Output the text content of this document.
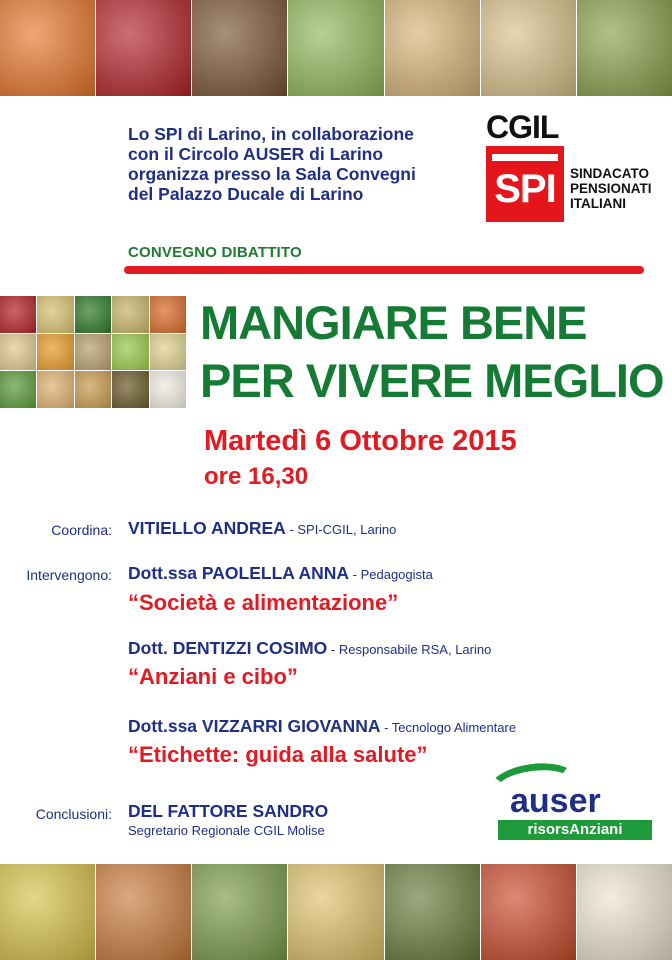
Lo SPI di Larino, in collaborazione
con il Circolo AUSER di Larino
organizza presso la Sala Convegni
del Palazzo Ducale di Larino
CGIL
SPI	SINDACATO
PENSIONATI
ITALIANI
CONVEGNO DIBATTITO
MANGIARE BENE
PER VIVERE MEGLIO
Martedì 6 Ottobre 2015
ore 16,30
Coordina: VITIELLO ANDREA - SPI-CGIL, Larino
Intervengono: Dott.ssa PAOLELLA ANNA - Pedagogista
“Società e alimentazione”
Dott. DENTIZZI COSIMO - Responsabile RSA, Larino
“Anziani e cibo”
Dott.ssa VIZZARRI GIOVANNA - Tecnologo Alimentare
“Etichette: guida alla salute”
Conclusioni: DEL FATTORE SANDRO
Segretario Regionale CGIL Molise
auser
risorsAnziani
